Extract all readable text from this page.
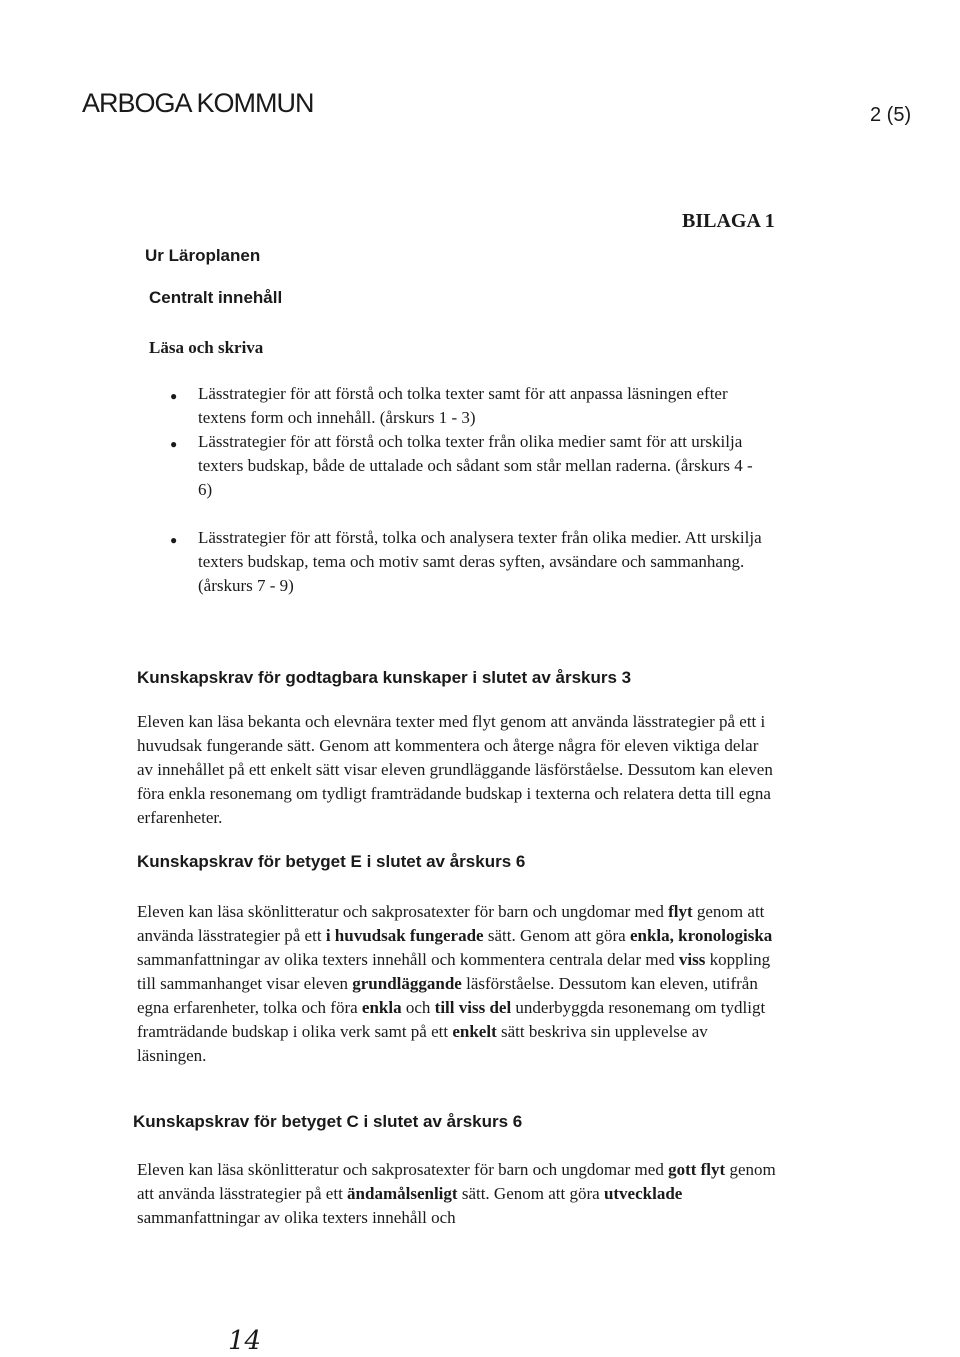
ARBOGA KOMMUN	2 (5)
BILAGA 1
Ur Läroplanen
Centralt innehåll
Läsa och skriva
● Lässtrategier för att förstå och tolka texter samt för att anpassa läsningen efter textens form och innehåll. (årskurs 1 - 3)
● Lässtrategier för att förstå och tolka texter från olika medier samt för att urskilja texters budskap, både de uttalade och sådant som står mellan raderna. (årskurs 4 - 6)
● Lässtrategier för att förstå, tolka och analysera texter från olika medier. Att urskilja texters budskap, tema och motiv samt deras syften, avsändare och sammanhang. (årskurs 7 - 9)
Kunskapskrav för godtagbara kunskaper i slutet av årskurs 3

Eleven kan läsa bekanta och elevnära texter med flyt genom att använda lässtrategier på ett i huvudsak fungerande sätt. Genom att kommentera och återge några för eleven viktiga delar av innehållet på ett enkelt sätt visar eleven grundläggande läsförståelse. Dessutom kan eleven föra enkla resonemang om tydligt framträdande budskap i texterna och relatera detta till egna erfarenheter.

Kunskapskrav för betyget E i slutet av årskurs 6

Eleven kan läsa skönlitteratur och sakprosatexter för barn och ungdomar med flyt genom att använda lässtrategier på ett i huvudsak fungerade sätt. Genom att göra enkla, kronologiska sammanfattningar av olika texters innehåll och kommentera centrala delar med viss koppling till sammanhanget visar eleven grundläggande läsförståelse. Dessutom kan eleven, utifrån egna erfarenheter, tolka och föra enkla och till viss del underbyggda resonemang om tydligt framträdande budskap i olika verk samt på ett enkelt sätt beskriva sin upplevelse av läsningen.

Kunskapskrav för betyget C i slutet av årskurs 6

Eleven kan läsa skönlitteratur och sakprosatexter för barn och ungdomar med gott flyt genom att använda lässtrategier på ett ändamålsenligt sätt. Genom att göra utvecklade sammanfattningar av olika texters innehåll och

14
